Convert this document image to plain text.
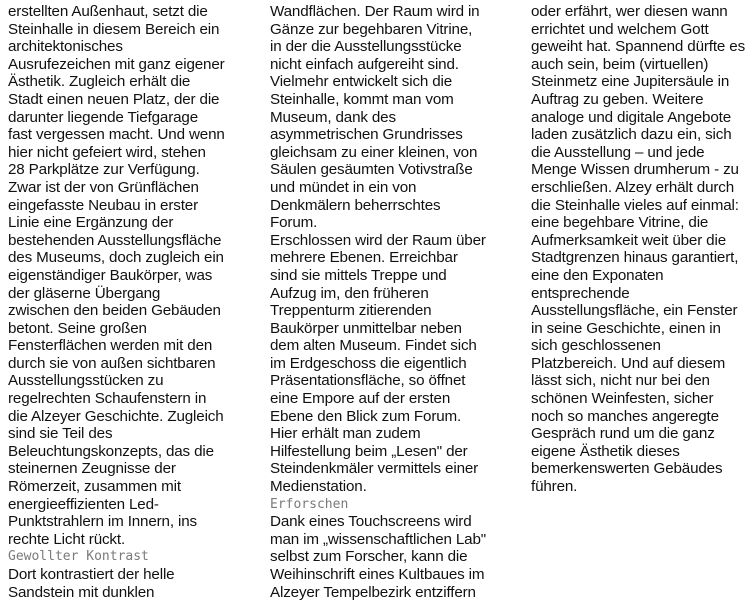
erstellten Außenhaut, setzt die
Steinhalle in diesem Bereich ein
architektonisches
Ausrufezeichen mit ganz eigener
Ästhetik. Zugleich erhält die
Stadt einen neuen Platz, der die
darunter liegende Tiefgarage
fast vergessen macht. Und wenn
hier nicht gefeiert wird, stehen
28 Parkplätze zur Verfügung.
Zwar ist der von Grünflächen
eingefasste Neubau in erster
Linie eine Ergänzung der
bestehenden Ausstellungsfläche
des Museums, doch zugleich ein
eigenständiger Baukörper, was
der gläserne Übergang
zwischen den beiden Gebäuden
betont. Seine großen
Fensterflächen werden mit den
durch sie von außen sichtbaren
Ausstellungsstücken zu
regelrechten Schaufenstern in
die Alzeyer Geschichte. Zugleich
sind sie Teil des
Beleuchtungskonzepts, das die
steinernen Zeugnisse der
Römerzeit, zusammen mit
energieeffizienten Led-
Punktstrahlern im Innern, ins
rechte Licht rückt.
Gewollter Kontrast
Dort kontrastiert der helle
Sandstein mit dunklen
Wandflächen. Der Raum wird in
Gänze zur begehbaren Vitrine,
in der die Ausstellungsstücke
nicht einfach aufgereiht sind.
Vielmehr entwickelt sich die
Steinhalle, kommt man vom
Museum, dank des
asymmetrischen Grundrisses
gleichsam zu einer kleinen, von
Säulen gesäumten Votivstraße
und mündet in ein von
Denkmälern beherrschtes
Forum.
Erschlossen wird der Raum über
mehrere Ebenen. Erreichbar
sind sie mittels Treppe und
Aufzug im, den früheren
Treppenturm zitierenden
Baukörper unmittelbar neben
dem alten Museum. Findet sich
im Erdgeschoss die eigentlich
Präsentationsfläche, so öffnet
eine Empore auf der ersten
Ebene den Blick zum Forum.
Hier erhält man zudem
Hilfestellung beim „Lesen" der
Steindenkmäler vermittels einer
Medienstation.
Erforschen
Dank eines Touchscreens wird
man im „wissenschaftlichen Lab"
selbst zum Forscher, kann die
Weihinschrift eines Kultbaues im
Alzeyer Tempelbezirk entziffern
oder erfährt, wer diesen wann
errichtet und welchem Gott
geweiht hat. Spannend dürfte es
auch sein, beim (virtuellen)
Steinmetz eine Jupitersäule in
Auftrag zu geben. Weitere
analoge und digitale Angebote
laden zusätzlich dazu ein, sich
die Ausstellung – und jede
Menge Wissen drumherum - zu
erschließen. Alzey erhält durch
die Steinhalle vieles auf einmal:
eine begehbare Vitrine, die
Aufmerksamkeit weit über die
Stadtgrenzen hinaus garantiert,
eine den Exponaten
entsprechende
Ausstellungsfläche, ein Fenster
in seine Geschichte, einen in
sich geschlossenen
Platzbereich. Und auf diesem
lässt sich, nicht nur bei den
schönen Weinfesten, sicher
noch so manches angeregte
Gespräch rund um die ganz
eigene Ästhetik dieses
bemerkenswerten Gebäudes
führen.
